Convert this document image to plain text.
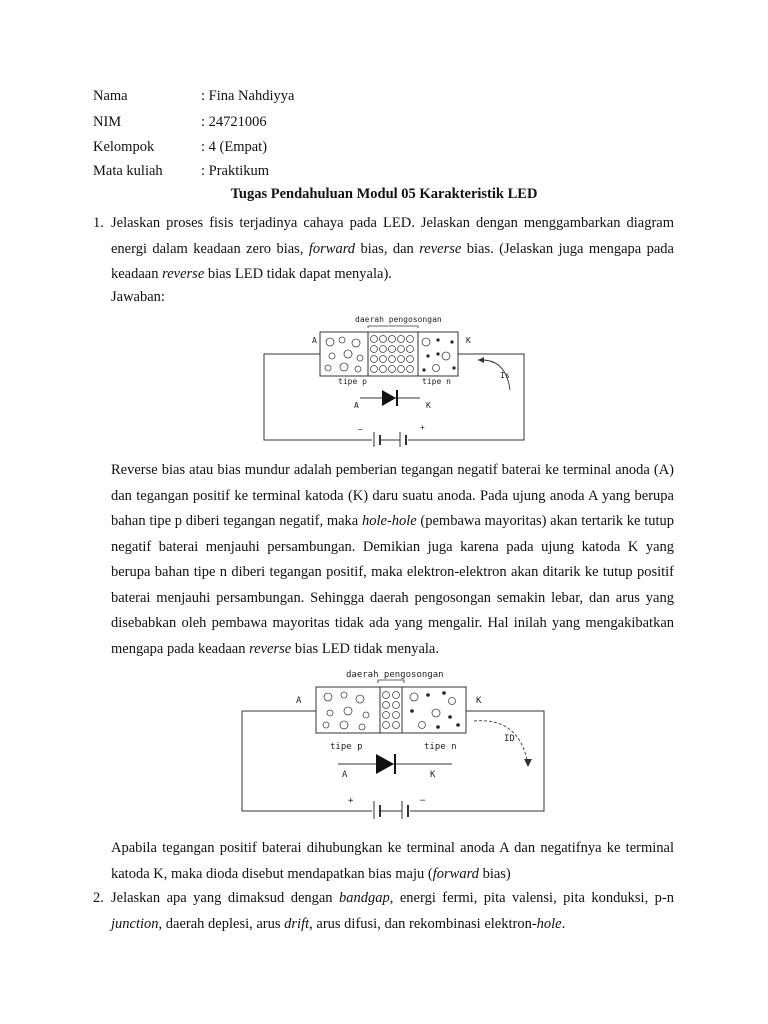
Nama	: Fina Nahdiyya
NIM	: 24721006
Kelompok	: 4 (Empat)
Mata kuliah	: Praktikum
Tugas Pendahuluan Modul 05 Karakteristik LED
1. Jelaskan proses fisis terjadinya cahaya pada LED. Jelaskan dengan menggambarkan diagram energi dalam keadaan zero bias, forward bias, dan reverse bias. (Jelaskan juga mengapa pada keadaan reverse bias LED tidak dapat menyala).
Jawaban:
daerah pengosongan
A	K
tipe p	tipe n
−	+
A	K
Is
Reverse bias atau bias mundur adalah pemberian tegangan negatif baterai ke terminal anoda (A) dan tegangan positif ke terminal katoda (K) daru suatu anoda. Pada ujung anoda A yang berupa bahan tipe p diberi tegangan negatif, maka hole-hole (pembawa mayoritas) akan tertarik ke tutup negatif baterai menjauhi persambungan. Demikian juga karena pada ujung katoda K yang berupa bahan tipe n diberi tegangan positif, maka elektron-elektron akan ditarik ke tutup positif baterai menjauhi persambungan. Sehingga daerah pengosongan semakin lebar, dan arus yang disebabkan oleh pembawa mayoritas tidak ada yang mengalir. Hal inilah yang mengakibatkan mengapa pada keadaan reverse bias LED tidak menyala.
daerah pengosongan
A	K
tipe p	tipe n
+	−
A	K
ID
Apabila tegangan positif baterai dihubungkan ke terminal anoda A dan negatifnya ke terminal katoda K, maka dioda disebut mendapatkan bias maju (forward bias)
2. Jelaskan apa yang dimaksud dengan bandgap, energi fermi, pita valensi, pita konduksi, p-n junction, daerah deplesi, arus drift, arus difusi, dan rekombinasi elektron-hole.
